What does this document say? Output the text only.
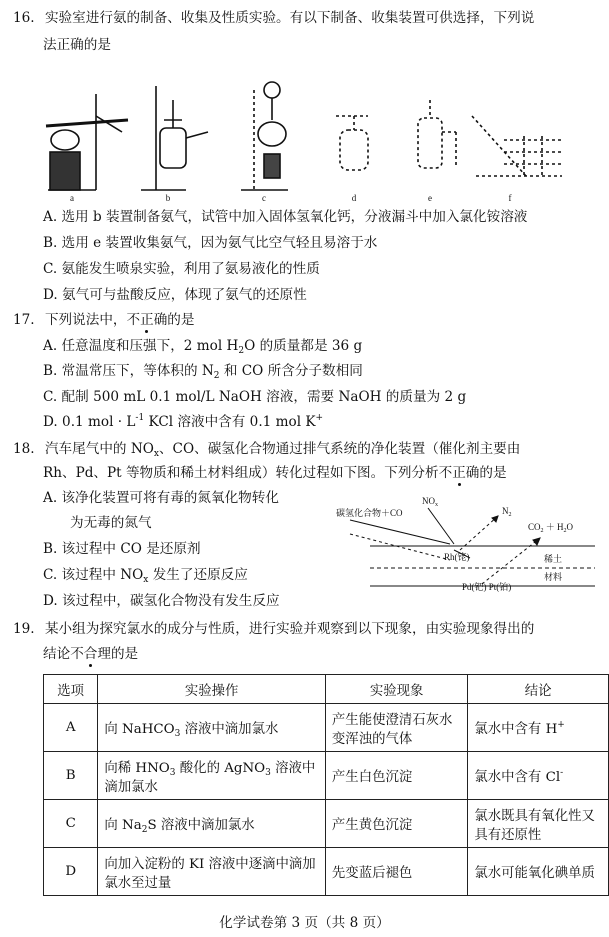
16. 实验室进行氨的制备、收集及性质实验。有以下制备、收集装置可供选择，下列说
法正确的是
a	b	c	d	e	f
A. 选用 b 装置制备氨气，试管中加入固体氢氧化钙，分液漏斗中加入氯化铵溶液
B. 选用 e 装置收集氨气，因为氨气比空气轻且易溶于水
C. 氨能发生喷泉实验，利用了氨易液化的性质
D. 氨气可与盐酸反应，体现了氨气的还原性
17. 下列说法中，不正确的是
A. 任意温度和压强下，2 mol $H_2O$ 的质量都是 36 g
B. 常温常压下，等体积的 $N_2$ 和 CO 所含分子数相同
C. 配制 500 mL 0.1 mol/L NaOH 溶液，需要 NaOH 的质量为 2 g
D. 0.1 mol · $L^{-1}$ KCl 溶液中含有 0.1 mol K+
18. 汽车尾气中的 $NO_x$、CO、碳氢化合物通过排气系统的净化装置（催化剂主要由
Rh、Pd、Pt 等物质和稀土材料组成）转化过程如下图。下列分析不正确的是
A. 该净化装置可将有毒的氮氧化物转化
为无毒的氮气
B. 该过程中 CO 是还原剂
C. 该过程中 $NO_x$ 发生了还原反应
D. 该过程中，碳氢化合物没有发生反应
碳氢化合物＋CO
$NO_x$
$N_2$
$CO_2 + H_2O$
Rh(铑)
Pd(钯) Pt(铂)
稀土
材料
19. 某小组为探究氯水的成分与性质，进行实验并观察到以下现象，由实验现象得出的
结论不合理的是
选项	实验操作	实验现象	结论
A	向 NaHCO$_3$ 溶液中滴加氯水	产生能使澄清石灰水变浑浊的气体	氯水中含有 H+
B	向稀 $HNO_3$ 酸化的 AgNO$_3$ 溶液中滴加氯水	产生白色沉淀	氯水中含有 Cl-
C	向 $Na_2S$ 溶液中滴加氯水	产生黄色沉淀	氯水既具有氧化性又具有还原性
D	向加入淀粉的 KI 溶液中逐滴中滴加氯水至过量	先变蓝后褪色	氯水可能氧化碘单质
化学试卷第 3 页（共 8 页）
